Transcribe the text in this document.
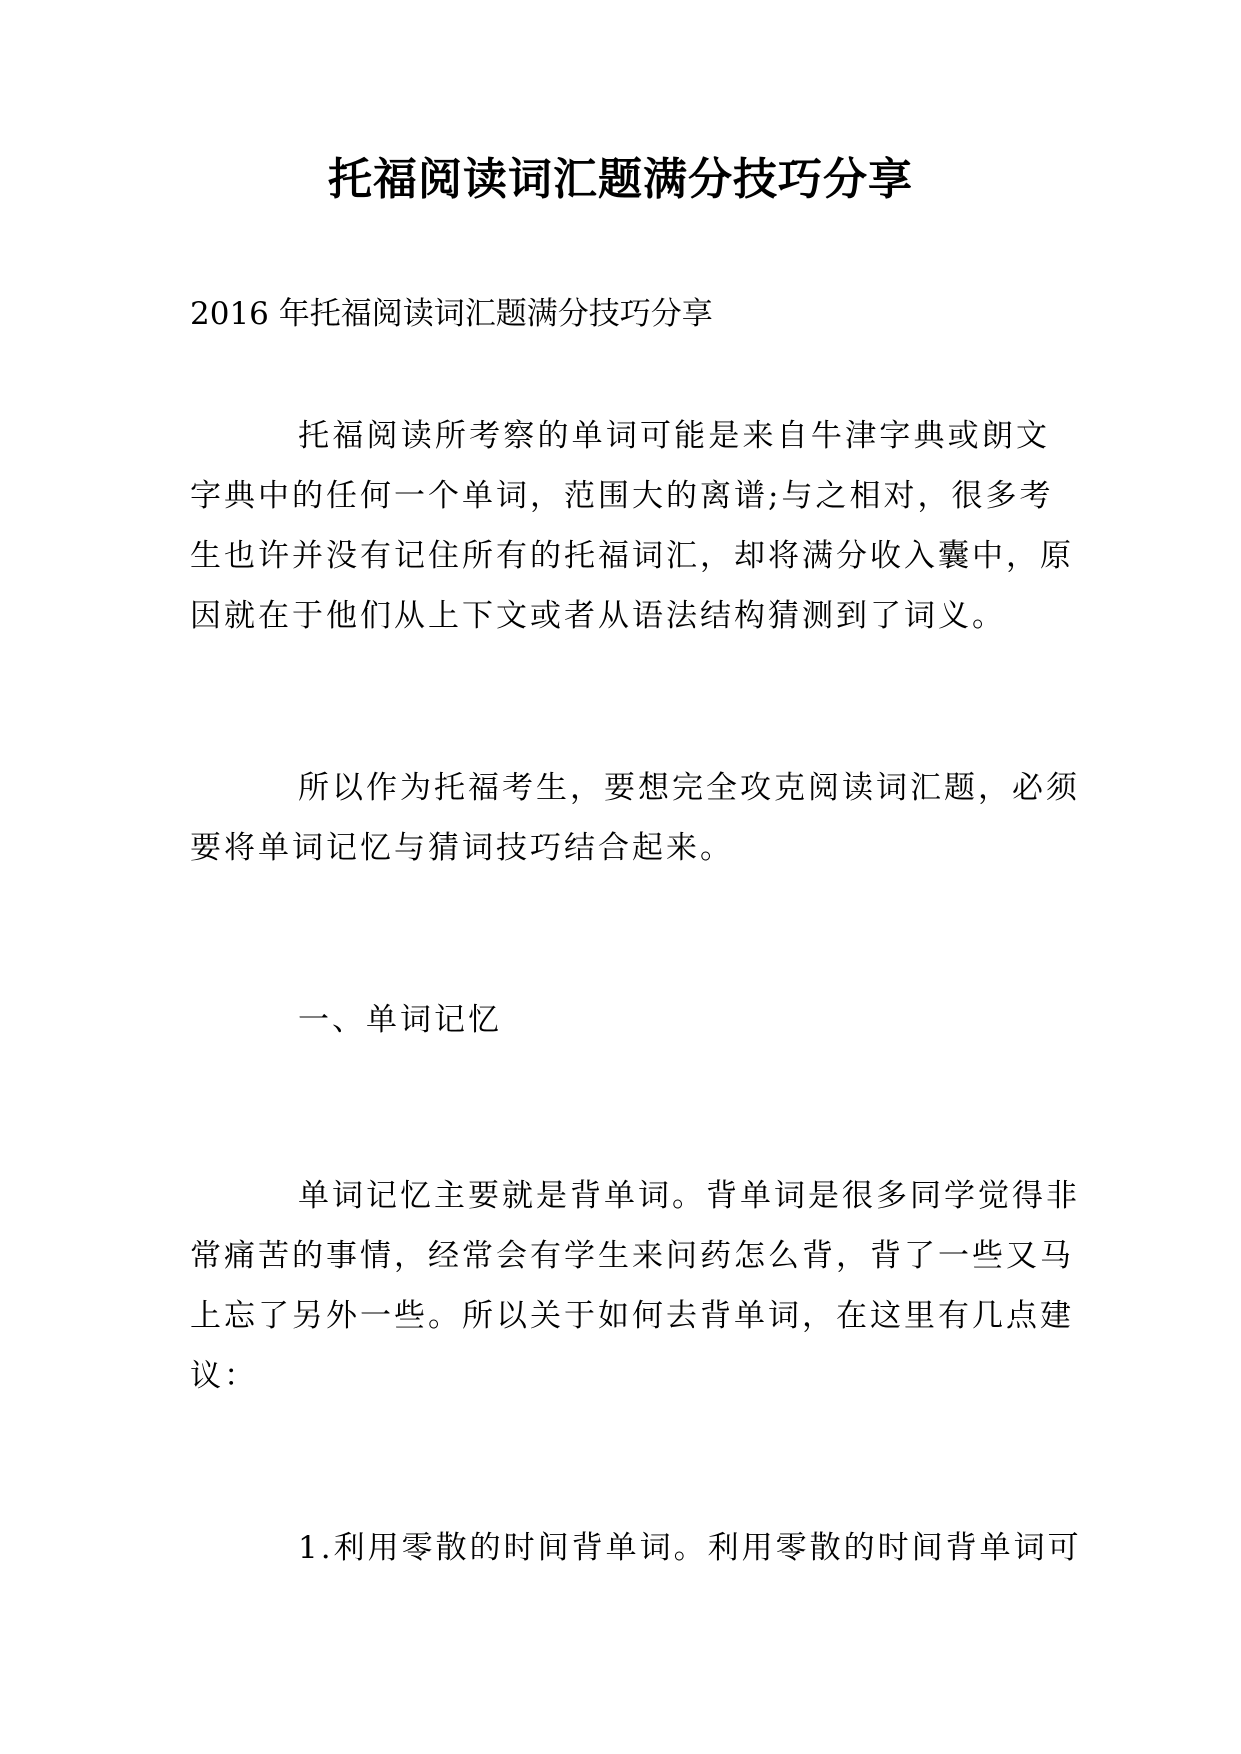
托福阅读词汇题满分技巧分享
2016 年托福阅读词汇题满分技巧分享
托福阅读所考察的单词可能是来自牛津字典或朗文
字典中的任何一个单词，范围大的离谱;与之相对，很多考
生也许并没有记住所有的托福词汇，却将满分收入囊中，原
因就在于他们从上下文或者从语法结构猜测到了词义。
所以作为托福考生，要想完全攻克阅读词汇题，必须
要将单词记忆与猜词技巧结合起来。
一、单词记忆
单词记忆主要就是背单词。背单词是很多同学觉得非
常痛苦的事情，经常会有学生来问药怎么背，背了一些又马
上忘了另外一些。所以关于如何去背单词，在这里有几点建
议：
1.利用零散的时间背单词。利用零散的时间背单词可
